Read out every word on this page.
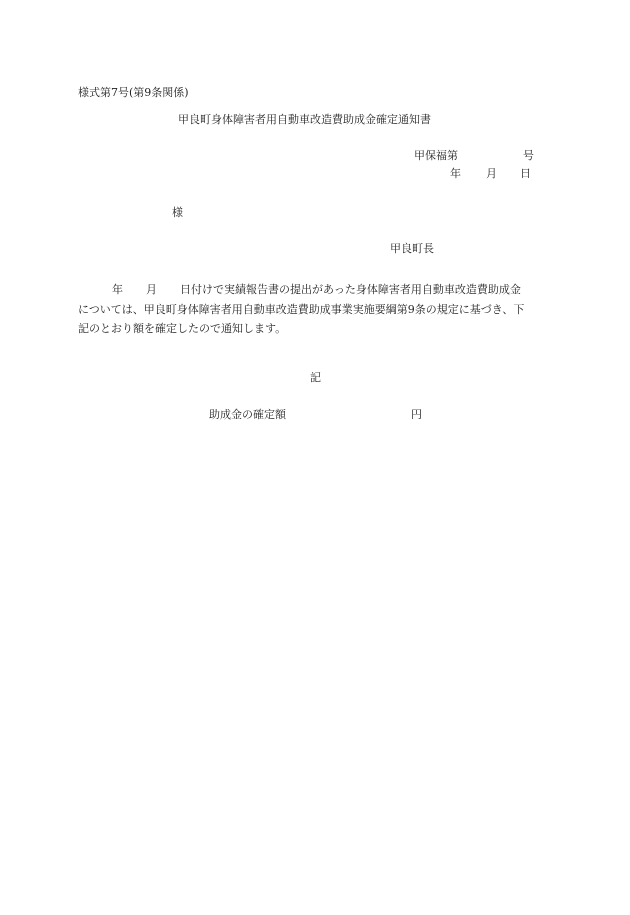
様式第7号(第9条関係)
甲良町身体障害者用自動車改造費助成金確定通知書
甲保福第	号
年 月 日
様
甲良町長
年 月 日付けで実績報告書の提出があった身体障害者用自動車改造費助成金
については、甲良町身体障害者用自動車改造費助成事業実施要綱第9条の規定に基づき、下
記のとおり額を確定したので通知します。
記
助成金の確定額	円
